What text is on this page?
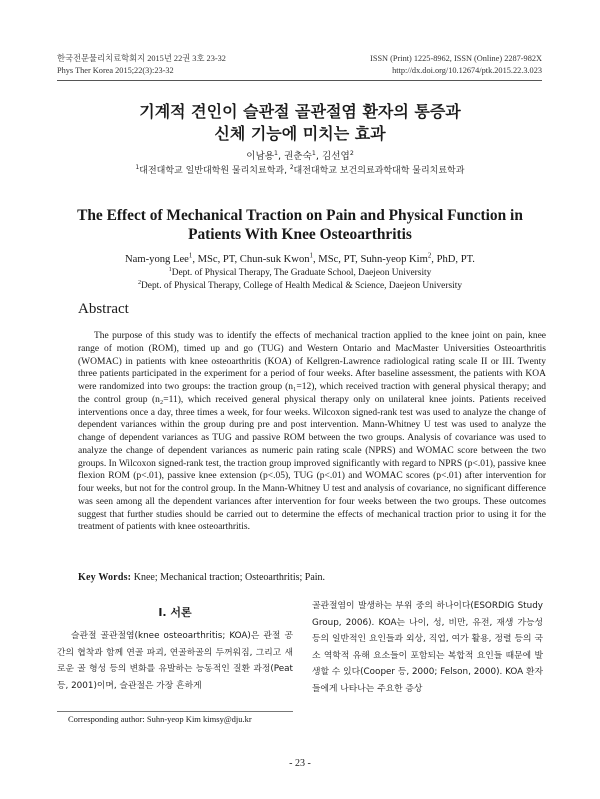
한국전문물리치료학회지 2015년 22권 3호 23-32
Phys Ther Korea 2015;22(3):23-32
ISSN (Print) 1225-8962, ISSN (Online) 2287-982X
http://dx.doi.org/10.12674/ptk.2015.22.3.023
기계적 견인이 슬관절 골관절염 환자의 통증과
신체 기능에 미치는 효과
이남용$^1$, 권춘숙$^1$, 김선엽$^2$
$^1$대전대학교 일반대학원 물리치료학과, $^2$대전대학교 보건의료과학대학 물리치료학과
The Effect of Mechanical Traction on Pain and Physical Function in
Patients With Knee Osteoarthritis
Nam-yong Lee$^1$, MSc, PT, Chun-suk Kwon$^1$, MSc, PT, Suhn-yeop Kim$^2$, PhD, PT.
$^1$Dept. of Physical Therapy, The Graduate School, Daejeon University
$^2$Dept. of Physical Therapy, College of Health Medical & Science, Daejeon University
Abstract

The purpose of this study was to identify the effects of mechanical traction applied to the knee joint on pain, knee range of motion (ROM), timed up and go (TUG) and Western Ontario and MacMaster Universities Osteoarthritis (WOMAC) in patients with knee osteoarthritis (KOA) of Kellgren-Lawrence radiological rating scale II or III. Twenty three patients participated in the experiment for a period of four weeks. After baseline assessment, the patients with KOA were randomized into two groups: the traction group (n₁=12), which received traction with general physical therapy; and the control group (n₂=11), which received general physical therapy only on unilateral knee joints. Patients received interventions once a day, three times a week, for four weeks. Wilcoxon signed-rank test was used to analyze the change of dependent variances within the group during pre and post intervention. Mann-Whitney U test was used to analyze the change of dependent variances as TUG and passive ROM between the two groups. Analysis of covariance was used to analyze the change of dependent variances as numeric pain rating scale (NPRS) and WOMAC score between the two groups. In Wilcoxon signed-rank test, the traction group improved significantly with regard to NPRS (p<.01), passive knee flexion ROM (p<.01), passive knee extension (p<.05), TUG (p<.01) and WOMAC scores (p<.01) after intervention for four weeks, but not for the control group. In the Mann-Whitney U test and analysis of covariance, no significant difference was seen among all the dependent variances after intervention for four weeks between the two groups. These outcomes suggest that further studies should be carried out to determine the effects of mechanical traction prior to using it for the treatment of patients with knee osteoarthritis.

Key Words: Knee; Mechanical traction; Osteoarthritis; Pain.
Ⅰ. 서론

슬관절 골관절염(knee osteoarthritis; KOA)은 관절 공간의 협착과 함께 연골 파괴, 연골하골의 두꺼워짐, 그리고 새로운 골 형성 등의 변화를 유발하는 능동적인 질환 과정(Peat 등, 2001)이며, 슬관절은 가장 흔하게

골관절염이 발생하는 부위 중의 하나이다(ESORDIG Study Group, 2006). KOA는 나이, 성, 비만, 유전, 재생 가능성 등의 일반적인 요인들과 외상, 직업, 여가 활용, 정렬 등의 국소 역학적 유해 요소들이 포함되는 복합적 요인들 때문에 발생할 수 있다(Cooper 등, 2000; Felson, 2000). KOA 환자들에게 나타나는 주요한 증상

Corresponding author: Suhn-yeop Kim kimsy@dju.kr
- 23 -
